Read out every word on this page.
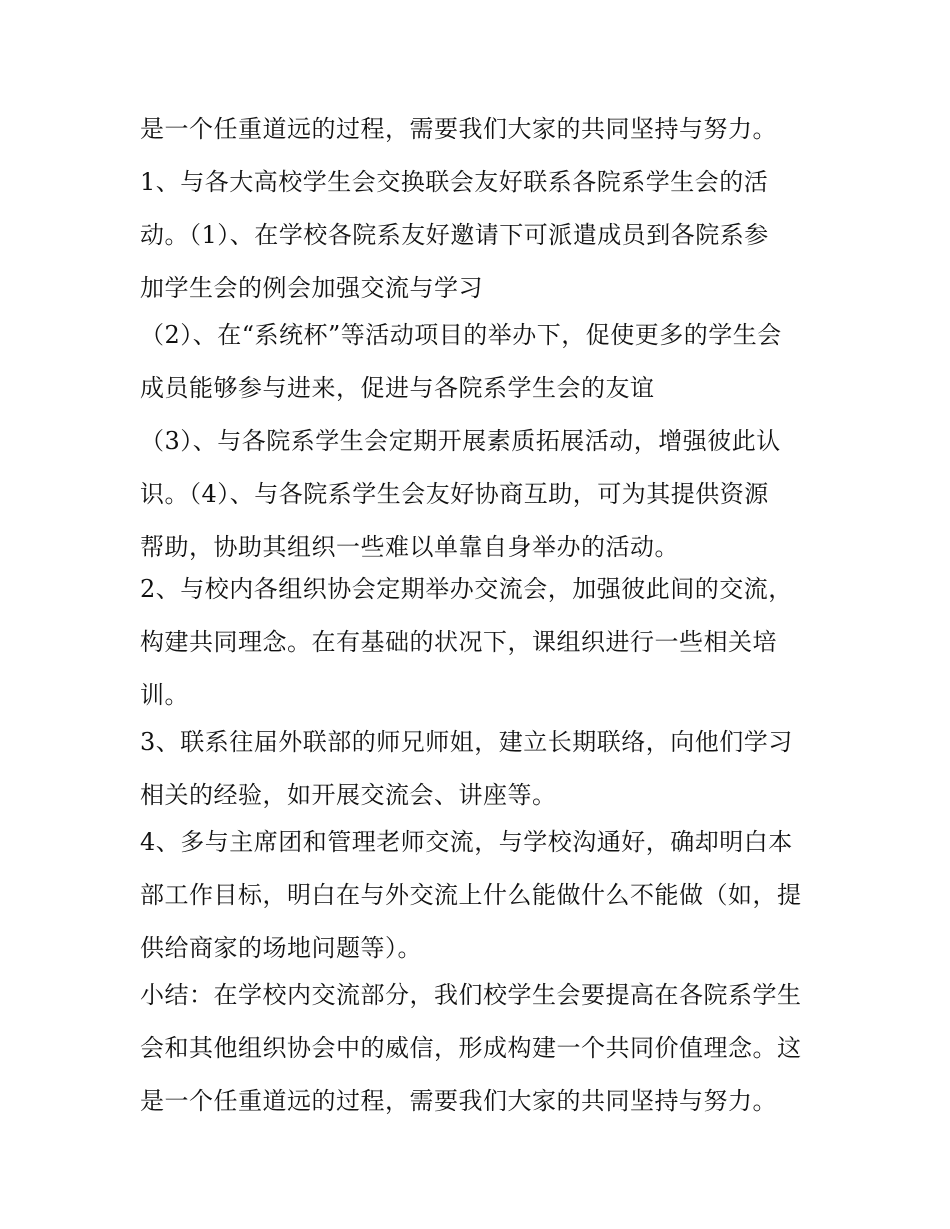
是一个任重道远的过程，需要我们大家的共同坚持与努力。
1、与各大高校学生会交换联会友好联系各院系学生会的活
动。（1）、在学校各院系友好邀请下可派遣成员到各院系参
加学生会的例会加强交流与学习
（2）、在“系统杯”等活动项目的举办下，促使更多的学生会
成员能够参与进来，促进与各院系学生会的友谊
（3）、与各院系学生会定期开展素质拓展活动，增强彼此认
识。（4）、与各院系学生会友好协商互助，可为其提供资源
帮助，协助其组织一些难以单靠自身举办的活动。
2、与校内各组织协会定期举办交流会，加强彼此间的交流，
构建共同理念。在有基础的状况下，课组织进行一些相关培
训。
3、联系往届外联部的师兄师姐，建立长期联络，向他们学习
相关的经验，如开展交流会、讲座等。
4、多与主席团和管理老师交流，与学校沟通好，确却明白本
部工作目标，明白在与外交流上什么能做什么不能做（如，提
供给商家的场地问题等）。
小结：在学校内交流部分，我们校学生会要提高在各院系学生
会和其他组织协会中的威信，形成构建一个共同价值理念。这
是一个任重道远的过程，需要我们大家的共同坚持与努力。
